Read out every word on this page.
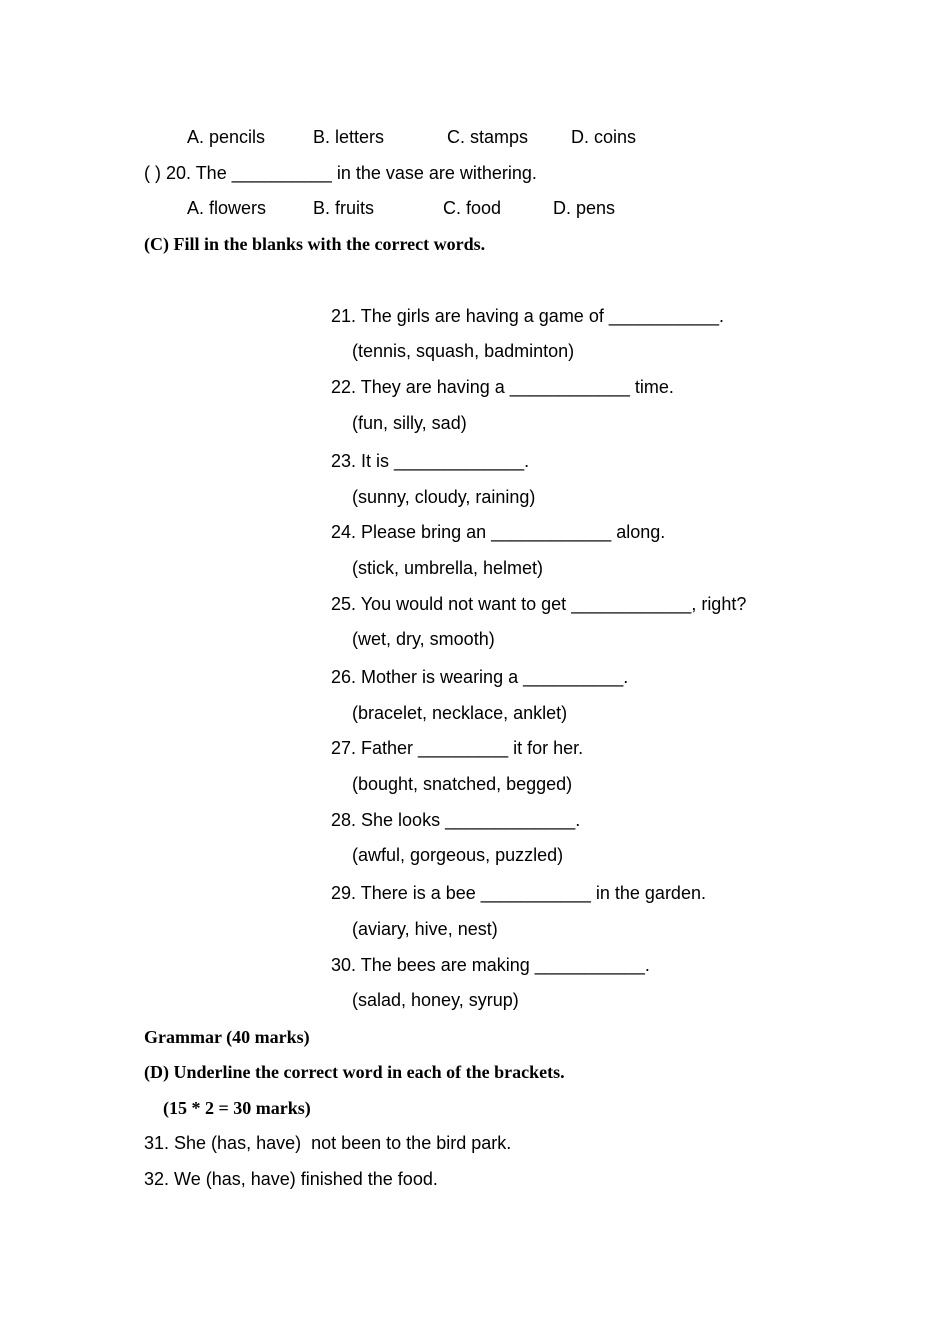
A. pencils	B. letters	C. stamps D. coins
( ) 20. The __________ in the vase are withering.
A. flowers	B. fruits	C. food	D. pens
(C) Fill in the blanks with the correct words.
21. The girls are having a game of ___________.
(tennis, squash, badminton)
22. They are having a ____________ time.
(fun, silly, sad)
23. It is _____________.
(sunny, cloudy, raining)
24. Please bring an ____________ along.
(stick, umbrella, helmet)
25. You would not want to get ____________, right?
(wet, dry, smooth)
26. Mother is wearing a __________.
(bracelet, necklace, anklet)
27. Father _________ it for her.
(bought, snatched, begged)
28. She looks _____________.
(awful, gorgeous, puzzled)
29. There is a bee ___________ in the garden.
(aviary, hive, nest)
30. The bees are making ___________.
(salad, honey, syrup)
Grammar (40 marks)
(D) Underline the correct word in each of the brackets.
(15 * 2 = 30 marks)
31. She (has, have)  not been to the bird park.
32. We (has, have) finished the food.
